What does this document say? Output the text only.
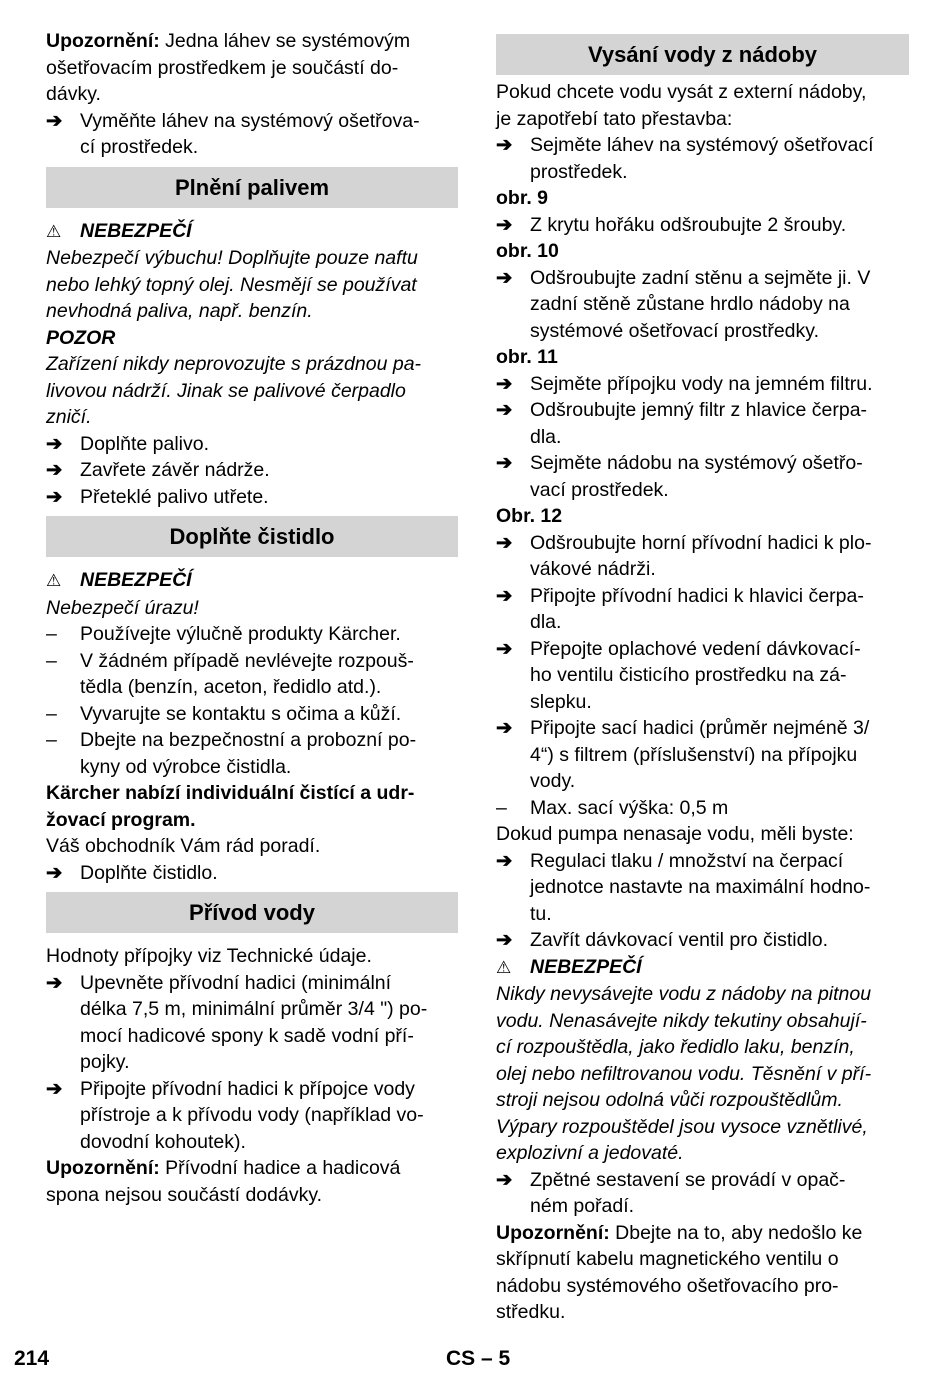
Upozornění: Jedna láhev se systémovým
ošetřovacím prostředkem je součástí do-
dávky.
➔ Vyměňte láhev na systémový ošetřova-
cí prostředek.
Plnění palivem
⚠ NEBEZPEČÍ
Nebezpečí výbuchu! Doplňujte pouze naftu
nebo lehký topný olej. Nesmějí se používat
nevhodná paliva, např. benzín.
POZOR
Zařízení nikdy neprovozujte s prázdnou pa-
livovou nádrží. Jinak se palivové čerpadlo
zničí.
➔ Doplňte palivo.
➔ Zavřete závěr nádrže.
➔ Přeteklé palivo utřete.
Doplňte čistidlo
⚠ NEBEZPEČÍ
Nebezpečí úrazu!
– Používejte výlučně produkty Kärcher.
– V žádném případě nevlévejte rozpouš-
tědla (benzín, aceton, ředidlo atd.).
– Vyvarujte se kontaktu s očima a kůží.
– Dbejte na bezpečnostní a probozní po-
kyny od výrobce čistidla.
Kärcher nabízí individuální čistící a udr-
žovací program.
Váš obchodník Vám rád poradí.
➔ Doplňte čistidlo.
Přívod vody
Hodnoty přípojky viz Technické údaje.
➔ Upevněte přívodní hadici (minimální
délka 7,5 m, minimální průměr 3/4 ") po-
mocí hadicové spony k sadě vodní pří-
pojky.
➔ Připojte přívodní hadici k přípojce vody
přístroje a k přívodu vody (například vo-
dovodní kohoutek).
Upozornění: Přívodní hadice a hadicová
spona nejsou součástí dodávky.
Vysání vody z nádoby
Pokud chcete vodu vysát z externí nádoby,
je zapotřebí tato přestavba:
➔ Sejměte láhev na systémový ošetřovací
prostředek.
obr. 9
➔ Z krytu hořáku odšroubujte 2 šrouby.
obr. 10
➔ Odšroubujte zadní stěnu a sejměte ji. V
zadní stěně zůstane hrdlo nádoby na
systémové ošetřovací prostředky.
obr. 11
➔ Sejměte přípojku vody na jemném filtru.
➔ Odšroubujte jemný filtr z hlavice čerpa-
dla.
➔ Sejměte nádobu na systémový ošetřo-
vací prostředek.
Obr. 12
➔ Odšroubujte horní přívodní hadici k plo-
vákové nádrži.
➔ Připojte přívodní hadici k hlavici čerpa-
dla.
➔ Přepojte oplachové vedení dávkovací-
ho ventilu čisticího prostředku na zá-
slepku.
➔ Připojte sací hadici (průměr nejméně 3/
4“) s filtrem (příslušenství) na přípojku
vody.
– Max. sací výška: 0,5 m
Dokud pumpa nenasaje vodu, měli byste:
➔ Regulaci tlaku / množství na čerpací
jednotce nastavte na maximální hodno-
tu.
➔ Zavřít dávkovací ventil pro čistidlo.
⚠ NEBEZPEČÍ
Nikdy nevysávejte vodu z nádoby na pitnou
vodu. Nenasávejte nikdy tekutiny obsahují-
cí rozpouštědla, jako ředidlo laku, benzín,
olej nebo nefiltrovanou vodu. Těsnění v pří-
stroji nejsou odolná vůči rozpouštědlům.
Výpary rozpouštědel jsou vysoce vznětlivé,
explozivní a jedovaté.
➔ Zpětné sestavení se provádí v opač-
ném pořadí.
Upozornění: Dbejte na to, aby nedošlo ke
skřípnutí kabelu magnetického ventilu o
nádobu systémového ošetřovacího pro-
středku.
214	CS – 5
